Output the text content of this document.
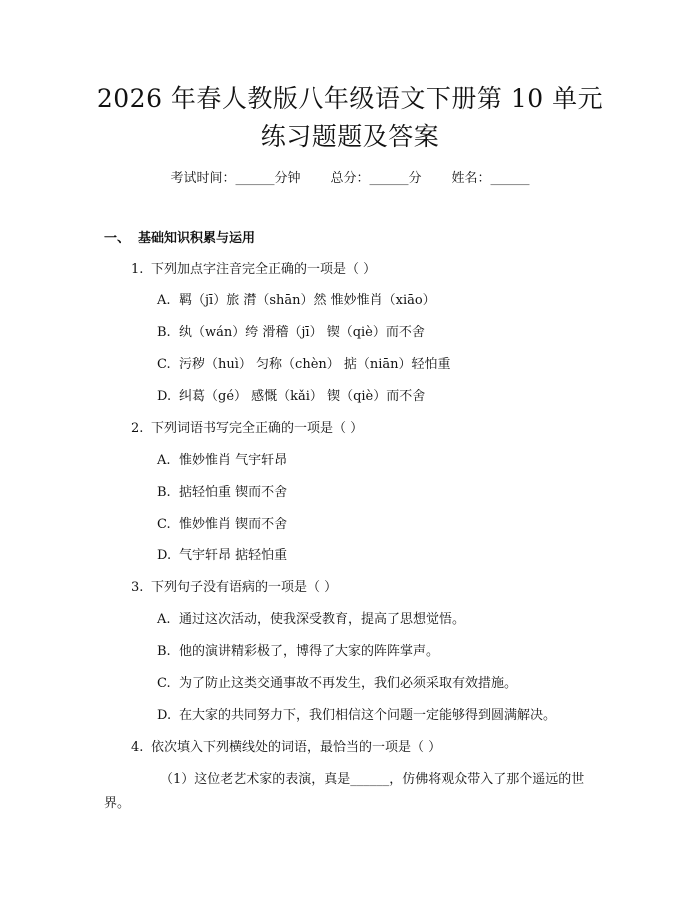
2026 年春人教版八年级语文下册第 10 单元
练习题题及答案
考试时间：______分钟 总分：______分 姓名：______
一、 基础知识积累与运用
1. 下列加点字注音完全正确的一项是（ ）
A. 羁（jī）旅 潸（shān）然 惟妙惟肖（xiāo）
B. 纨（wán）绔 滑稽（jī） 锲（qiè）而不舍
C. 污秽（huì） 匀称（chèn） 掂（niān）轻怕重
D. 纠葛（gé） 感慨（kǎi） 锲（qiè）而不舍
2. 下列词语书写完全正确的一项是（ ）
A. 惟妙惟肖 气宇轩昂
B. 掂轻怕重 锲而不舍
C. 惟妙惟肖 锲而不舍
D. 气宇轩昂 掂轻怕重
3. 下列句子没有语病的一项是（ ）
A. 通过这次活动，使我深受教育，提高了思想觉悟。
B. 他的演讲精彩极了，博得了大家的阵阵掌声。
C. 为了防止这类交通事故不再发生，我们必须采取有效措施。
D. 在大家的共同努力下，我们相信这个问题一定能够得到圆满解决。
4. 依次填入下列横线处的词语，最恰当的一项是（ ）
（1）这位老艺术家的表演，真是______，仿佛将观众带入了那个遥远的世界。
